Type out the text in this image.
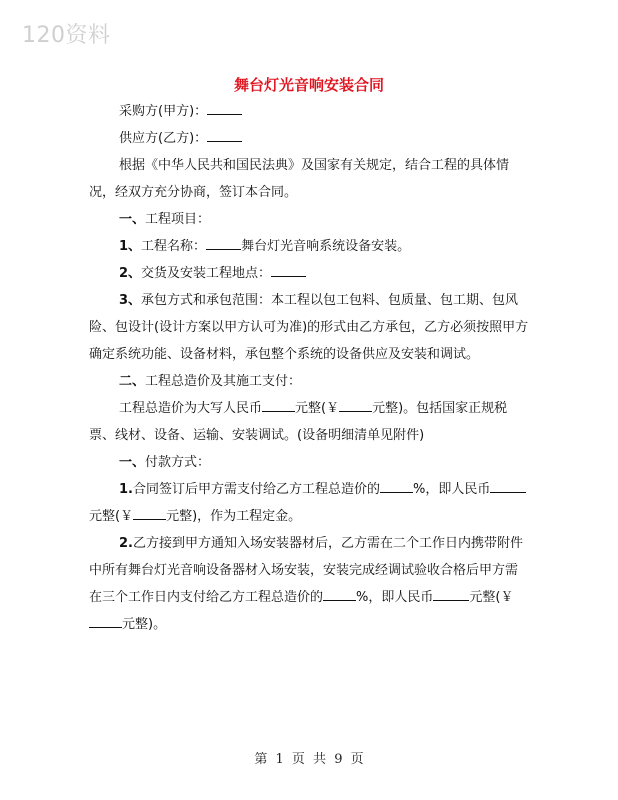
120资料
舞台灯光音响安装合同

采购方(甲方)：

供应方(乙方)：

根据《中华人民共和国民法典》及国家有关规定，结合工程的具体情况，经双方充分协商，签订本合同。

一、工程项目：

1、工程名称：	舞台灯光音响系统设备安装。

2、交货及安装工程地点：

3、承包方式和承包范围：本工程以包工包料、包质量、包工期、包风险、包设计(设计方案以甲方认可为准)的形式由乙方承包，乙方必须按照甲方确定系统功能、设备材料，承包整个系统的设备供应及安装和调试。

二、工程总造价及其施工支付：

工程总造价为大写人民币	元整(￥	元整)。包括国家正规税票、线材、设备、运输、安装调试。(设备明细清单见附件)

一、付款方式：

1.合同签订后甲方需支付给乙方工程总造价的	%，即人民币元整(￥	元整)，作为工程定金。

2.乙方接到甲方通知入场安装器材后，乙方需在二个工作日内携带附件中所有舞台灯光音响设备器材入场安装，安装完成经调试验收合格后甲方需在三个工作日内支付给乙方工程总造价的	%，即人民币	元整(￥元整)。

第 1 页 共 9 页
